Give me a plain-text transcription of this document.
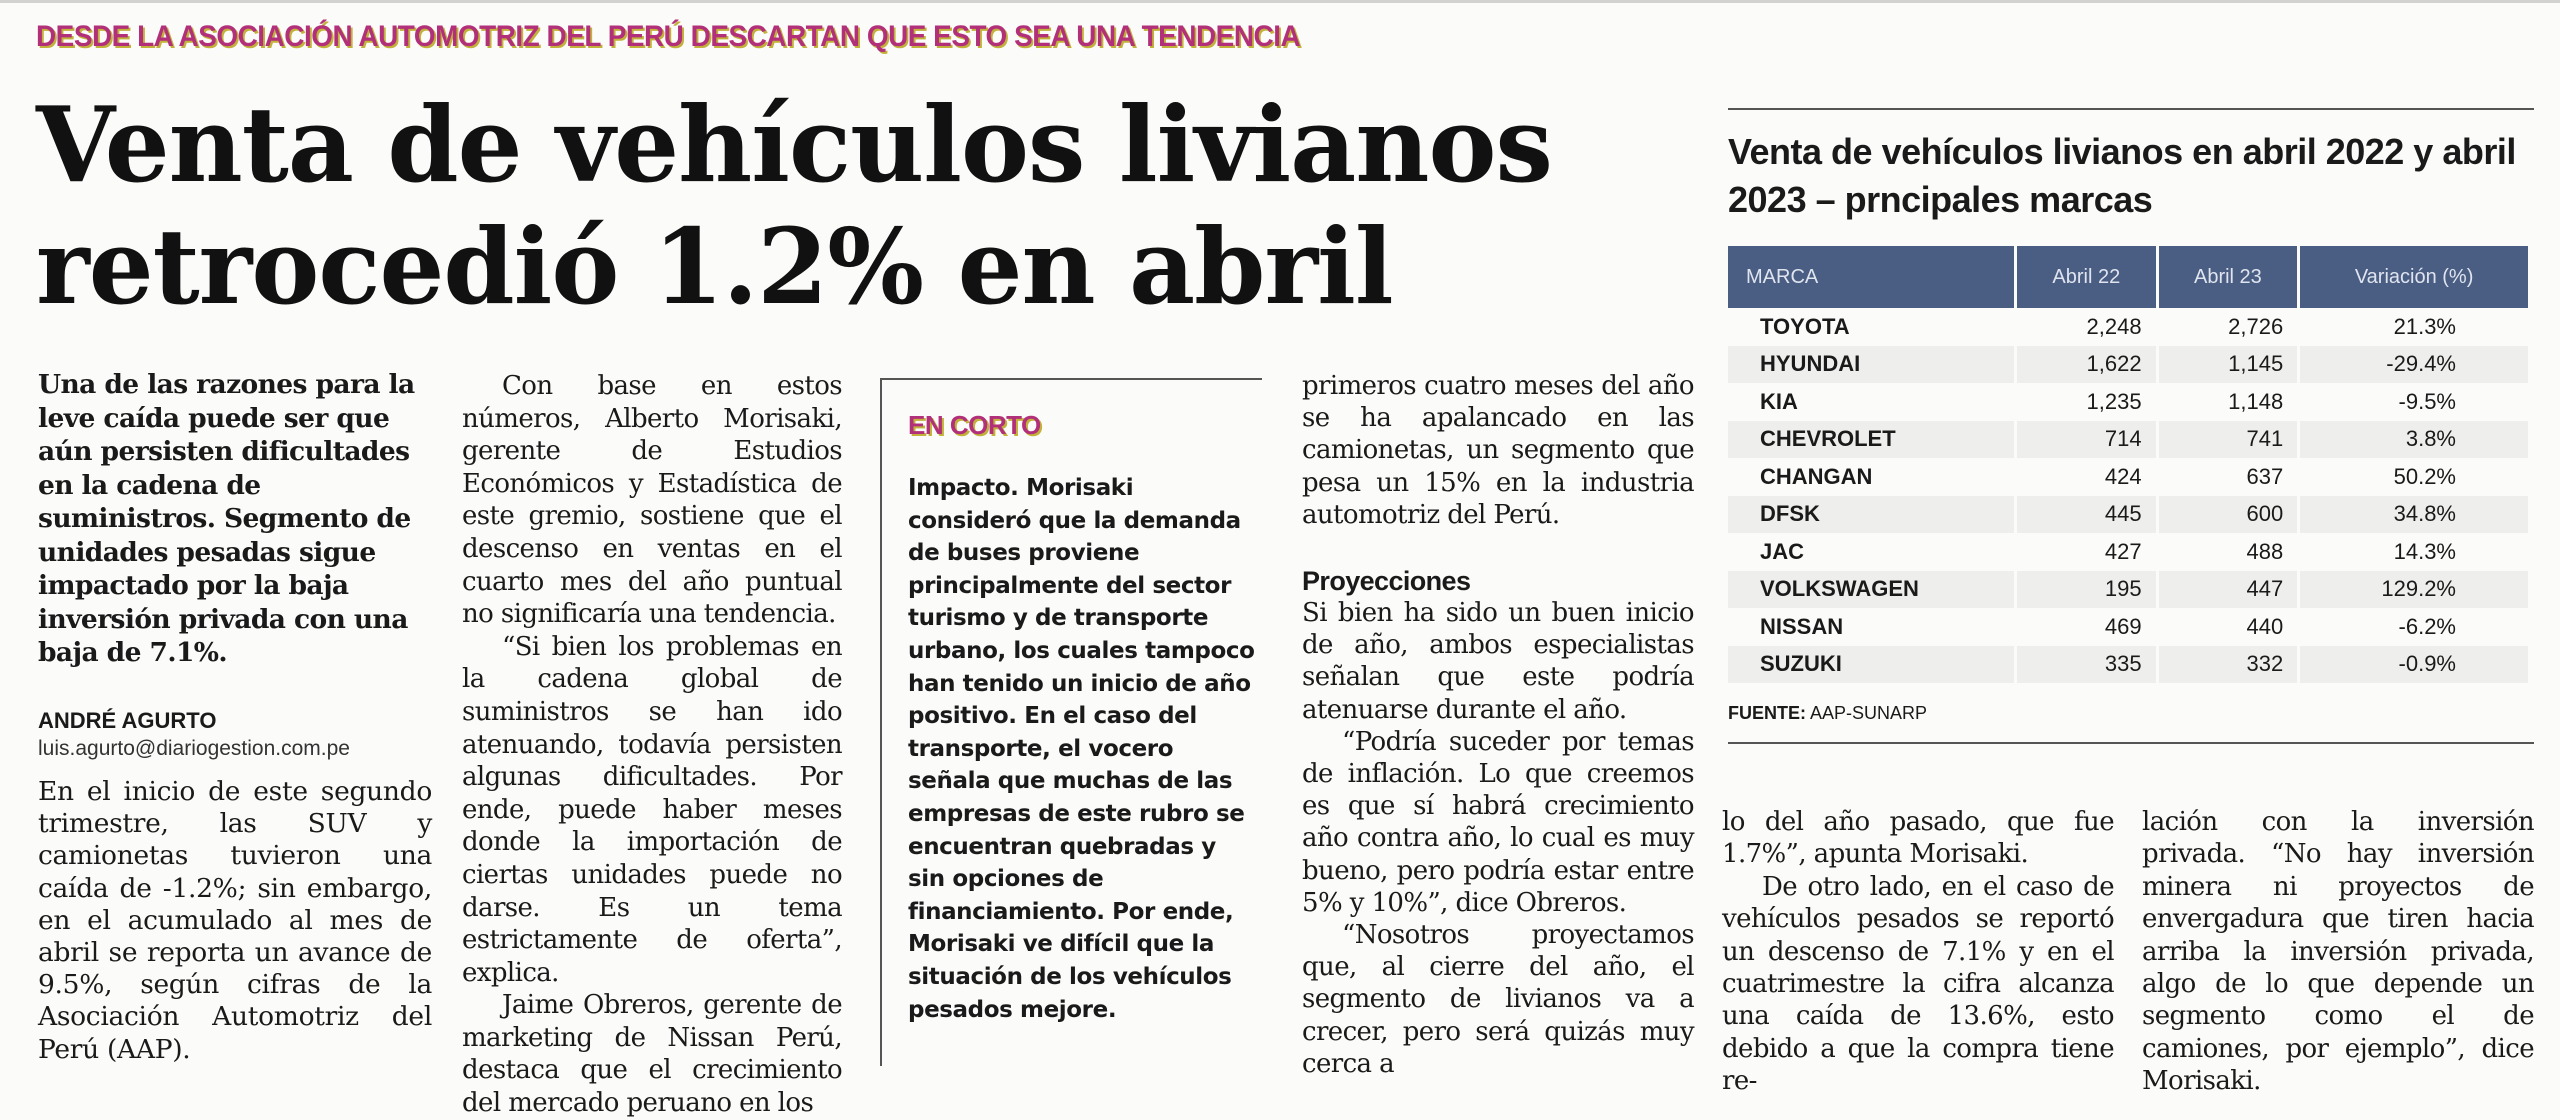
DESDE LA ASOCIACIÓN AUTOMOTRIZ DEL PERÚ DESCARTAN QUE ESTO SEA UNA TENDENCIA
Venta de vehículos livianos
retrocedió 1.2% en abril

Una de las razones para la leve caída puede ser que aún persisten dificultades en la cadena de suministros. Segmento de unidades pesadas sigue impactado por la baja inversión privada con una baja de 7.1%.

ANDRÉ AGURTO
luis.agurto@diariogestion.com.pe

En el inicio de este segundo trimestre, las SUV y camionetas tuvieron una caída de -1.2%; sin embargo, en el acumulado al mes de abril se reporta un avance de 9.5%, según cifras de la Asociación Automotriz del Perú (AAP).

Con base en estos números, Alberto Morisaki, gerente de Estudios Económicos y Estadística de este gremio, sostiene que el descenso en ventas en el cuarto mes del año puntual no significaría una tendencia.

“Si bien los problemas en la cadena global de suministros se han ido atenuando, todavía persisten algunas dificultades. Por ende, puede haber meses donde la importación de ciertas unidades puede no darse. Es un tema estrictamente de oferta”, explica.

Jaime Obreros, gerente de marketing de Nissan Perú, destaca que el crecimiento del mercado peruano en los

EN CORTO
Impacto. Morisaki consideró que la demanda de buses proviene principalmente del sector turismo y de transporte urbano, los cuales tampoco han tenido un inicio de año positivo. En el caso del transporte, el vocero señala que muchas de las empresas de este rubro se encuentran quebradas y sin opciones de financiamiento. Por ende, Morisaki ve difícil que la situación de los vehículos pesados mejore.

primeros cuatro meses del año se ha apalancado en las camionetas, un segmento que pesa un 15% en la industria automotriz del Perú.

Proyecciones

Si bien ha sido un buen inicio de año, ambos especialistas señalan que este podría atenuarse durante el año.

“Podría suceder por temas de inflación. Lo que creemos es que sí habrá crecimiento año contra año, lo cual es muy bueno, pero podría estar entre 5% y 10%”, dice Obreros.

“Nosotros proyectamos que, al cierre del año, el segmento de livianos va a crecer, pero será quizás muy cerca a

lo del año pasado, que fue 1.7%”, apunta Morisaki.

De otro lado, en el caso de vehículos pesados se reportó un descenso de 7.1% y en el cuatrimestre la cifra alcanza una caída de 13.6%, esto debido a que la compra tiene re-

lación con la inversión privada. “No hay inversión minera ni proyectos de envergadura que tiren hacia arriba la inversión privada, algo de lo que depende un segmento como el de camiones, por ejemplo”, dice Morisaki.

Venta de vehículos livianos en abril 2022 y abril 2023 – prncipales marcas
MARCA	Abril 22	Abril 23	Variación (%)
TOYOTA	2,248	2,726	21.3%
HYUNDAI	1,622	1,145	-29.4%
KIA	1,235	1,148	-9.5%
CHEVROLET	714	741	3.8%
CHANGAN	424	637	50.2%
DFSK	445	600	34.8%
JAC	427	488	14.3%
VOLKSWAGEN	195	447	129.2%
NISSAN	469	440	-6.2%
SUZUKI	335	332	-0.9%
FUENTE: AAP-SUNARP
